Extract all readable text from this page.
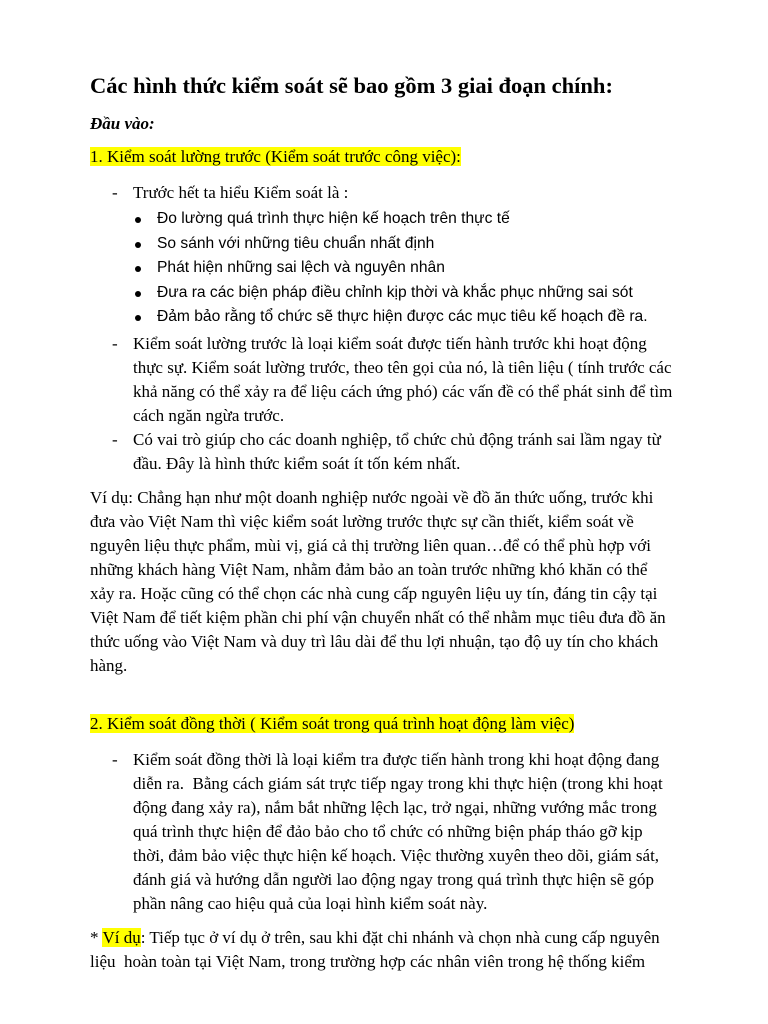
Các hình thức kiểm soát sẽ bao gồm 3 giai đoạn chính:
Đầu vào:
1. Kiểm soát lường trước (Kiểm soát trước công việc):
- Trước hết ta hiểu Kiểm soát là :
Đo lường quá trình thực hiện kế hoạch trên thực tế
So sánh với những tiêu chuẩn nhất định
Phát hiện những sai lệch và nguyên nhân
Đưa ra các biện pháp điều chỉnh kịp thời và khắc phục những sai sót
Đảm bảo rằng tổ chức sẽ thực hiện được các mục tiêu kế hoạch đề ra.
- Kiểm soát lường trước là loại kiểm soát được tiến hành trước khi hoạt động
thực sự. Kiểm soát lường trước, theo tên gọi của nó, là tiên liệu ( tính trước các
khả năng có thể xảy ra để liệu cách ứng phó) các vấn đề có thể phát sinh để tìm
cách ngăn ngừa trước.
- Có vai trò giúp cho các doanh nghiệp, tổ chức chủ động tránh sai lầm ngay từ
đầu. Đây là hình thức kiểm soát ít tốn kém nhất.

Ví dụ: Chẳng hạn như một doanh nghiệp nước ngoài về đồ ăn thức uống, trước khi

đưa vào Việt Nam thì việc kiểm soát lường trước thực sự cần thiết, kiểm soát về

nguyên liệu thực phẩm, mùi vị, giá cả thị trường liên quan…để có thể phù hợp với

những khách hàng Việt Nam, nhằm đảm bảo an toàn trước những khó khăn có thể

xảy ra. Hoặc cũng có thể chọn các nhà cung cấp nguyên liệu uy tín, đáng tin cậy tại

Việt Nam để tiết kiệm phần chi phí vận chuyển nhất có thể nhằm mục tiêu đưa đồ ăn

thức uống vào Việt Nam và duy trì lâu dài để thu lợi nhuận, tạo độ uy tín cho khách

hàng.

2. Kiểm soát đồng thời ( Kiểm soát trong quá trình hoạt động làm việc)
- Kiểm soát đồng thời là loại kiểm tra được tiến hành trong khi hoạt động đang
diễn ra.  Bằng cách giám sát trực tiếp ngay trong khi thực hiện (trong khi hoạt
động đang xảy ra), nắm bắt những lệch lạc, trở ngại, những vướng mắc trong
quá trình thực hiện để đảo bảo cho tổ chức có những biện pháp tháo gỡ kịp
thời, đảm bảo việc thực hiện kế hoạch. Việc thường xuyên theo dõi, giám sát,
đánh giá và hướng dẫn người lao động ngay trong quá trình thực hiện sẽ góp
phần nâng cao hiệu quả của loại hình kiểm soát này.

* Ví dụ: Tiếp tục ở ví dụ ở trên, sau khi đặt chi nhánh và chọn nhà cung cấp nguyên

liệu  hoàn toàn tại Việt Nam, trong trường hợp các nhân viên trong hệ thống kiểm
